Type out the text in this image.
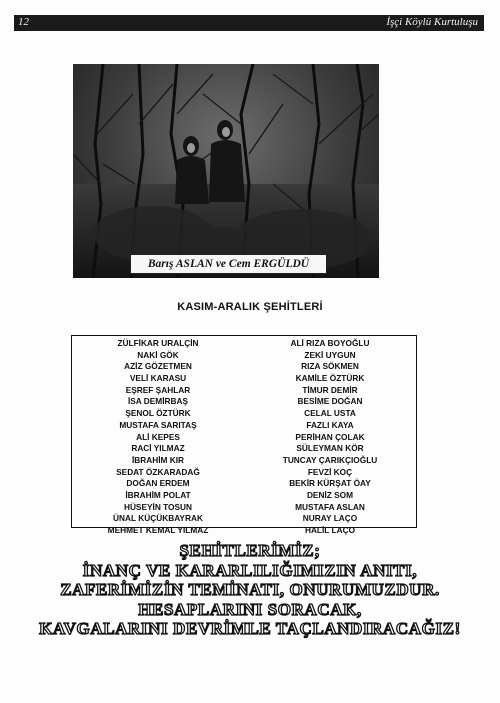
12	İşçi Köylü Kurtuluşu
Barış ASLAN ve Cem ERGÜLDÜ
KASIM-ARALIK ŞEHİTLERİ
ZÜLFİKAR URALÇİN
NAKİ GÖK
AZİZ GÖZETMEN
VELİ KARASU
EŞREF ŞAHLAR
İSA DEMİRBAŞ
ŞENOL ÖZTÜRK
MUSTAFA SARITAŞ
ALİ KEPES
RACİ YILMAZ
İBRAHİM KIR
SEDAT ÖZKARADAĞ
DOĞAN ERDEM
İBRAHİM POLAT
HÜSEYİN TOSUN
ÜNAL KÜÇÜKBAYRAK
MEHMET KEMAL YILMAZ
ALİ RIZA BOYOĞLU
ZEKİ UYGUN
RIZA SÖKMEN
KAMİLE ÖZTÜRK
TİMUR DEMİR
BESİME DOĞAN
CELAL USTA
FAZLI KAYA
PERİHAN ÇOLAK
SÜLEYMAN KÖR
TUNCAY ÇARIKÇIOĞLU
FEVZİ KOÇ
BEKİR KÜRŞAT ÖAY
DENİZ SOM
MUSTAFA ASLAN
NURAY LAÇO
HALİL LAÇO
ŞEHİTLERİMİZ;
İNANÇ VE KARARLILIĞIMIZIN ANITI,
ZAFERİMİZİN TEMİNATI, ONURUMUZDUR.
HESAPLARINI SORACAK,
KAVGALARINI DEVRİMLE TAÇLANDIRACAĞIZ!
